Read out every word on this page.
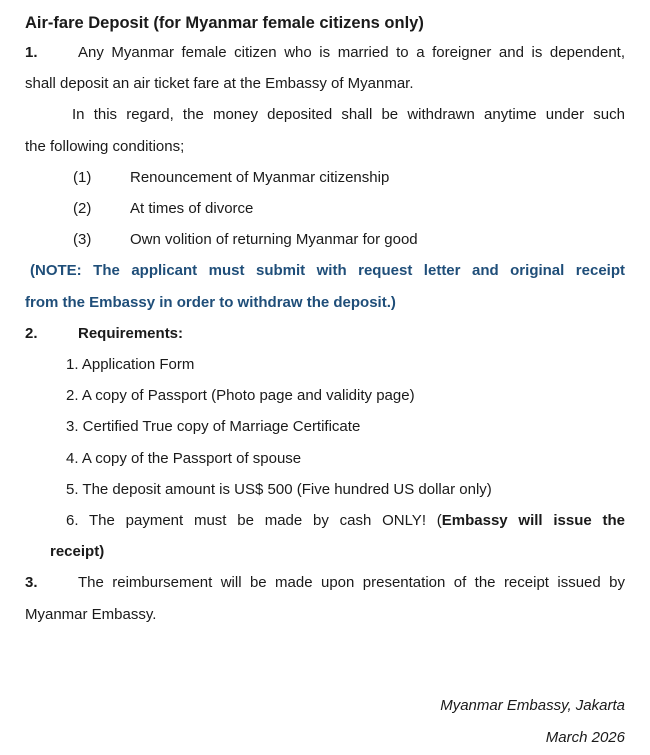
Air-fare Deposit (for Myanmar female citizens only)
1.	Any Myanmar female citizen who is married to a foreigner and is dependent,
shall deposit an air ticket fare at the Embassy of Myanmar.
In this regard, the money deposited shall be withdrawn anytime under such
the following conditions;
(1)	Renouncement of Myanmar citizenship
(2)	At times of divorce
(3)	Own volition of returning Myanmar for good
(NOTE: The applicant must submit with request letter and original receipt
from the Embassy in order to withdraw the deposit.)
2.	Requirements:
1. Application Form
2. A copy of Passport (Photo page and validity page)
3. Certified True copy of Marriage Certificate
4. A copy of the Passport of spouse
5. The deposit amount is US$ 500 (Five hundred US dollar only)
6. The payment must be made by cash ONLY! (Embassy will issue the
receipt)
3.	The reimbursement will be made upon presentation of the receipt issued by
Myanmar Embassy.
Myanmar Embassy, Jakarta
March 2026
